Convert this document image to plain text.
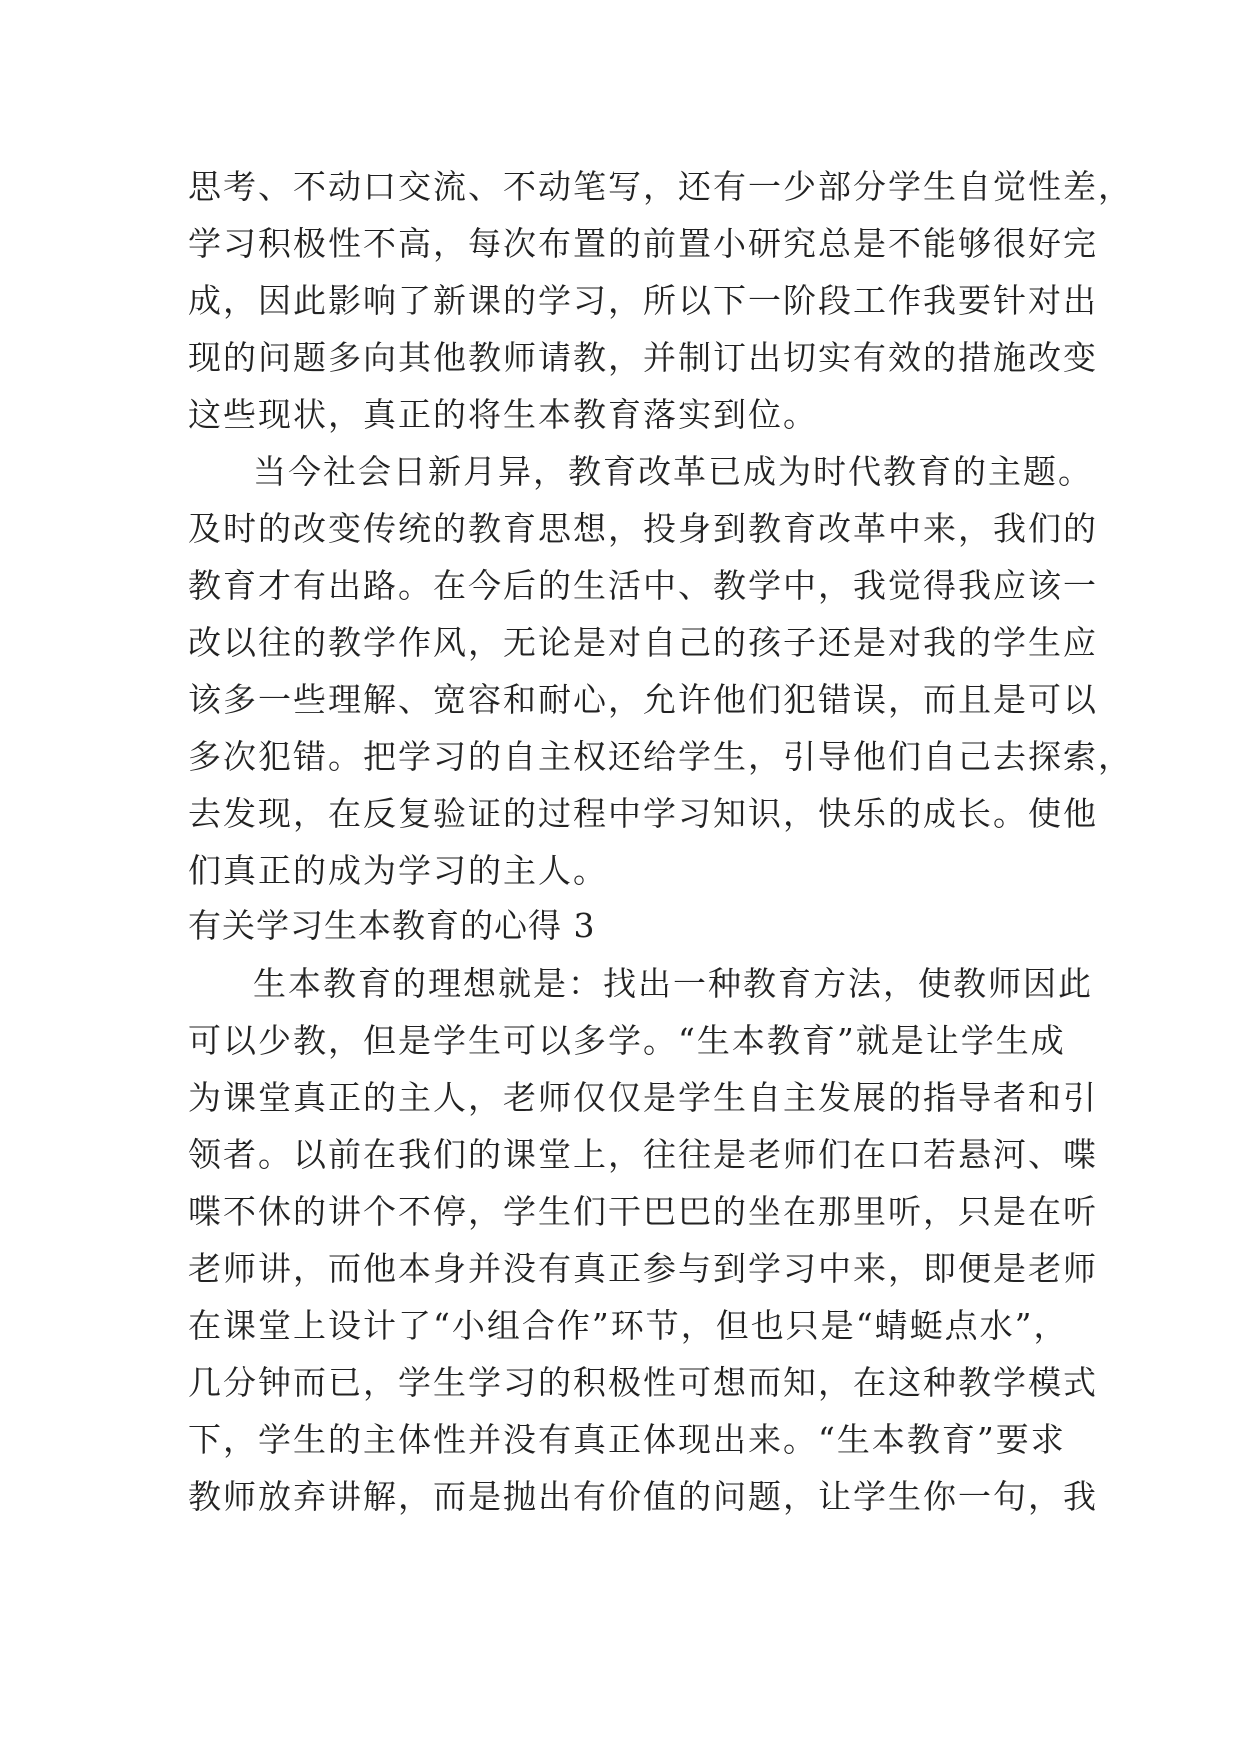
思考、不动口交流、不动笔写，还有一少部分学生自觉性差，
学习积极性不高，每次布置的前置小研究总是不能够很好完
成，因此影响了新课的学习，所以下一阶段工作我要针对出
现的问题多向其他教师请教，并制订出切实有效的措施改变
这些现状，真正的将生本教育落实到位。
当今社会日新月异，教育改革已成为时代教育的主题。
及时的改变传统的教育思想，投身到教育改革中来，我们的
教育才有出路。在今后的生活中、教学中，我觉得我应该一
改以往的教学作风，无论是对自己的孩子还是对我的学生应
该多一些理解、宽容和耐心，允许他们犯错误，而且是可以
多次犯错。把学习的自主权还给学生，引导他们自己去探索，
去发现，在反复验证的过程中学习知识，快乐的成长。使他
们真正的成为学习的主人。
有关学习生本教育的心得 3
生本教育的理想就是：找出一种教育方法，使教师因此
可以少教，但是学生可以多学。“生本教育”就是让学生成
为课堂真正的主人，老师仅仅是学生自主发展的指导者和引
领者。以前在我们的课堂上，往往是老师们在口若悬河、喋
喋不休的讲个不停，学生们干巴巴的坐在那里听，只是在听
老师讲，而他本身并没有真正参与到学习中来，即便是老师
在课堂上设计了“小组合作”环节，但也只是“蜻蜓点水”，
几分钟而已，学生学习的积极性可想而知，在这种教学模式
下，学生的主体性并没有真正体现出来。“生本教育”要求
教师放弃讲解，而是抛出有价值的问题，让学生你一句，我
